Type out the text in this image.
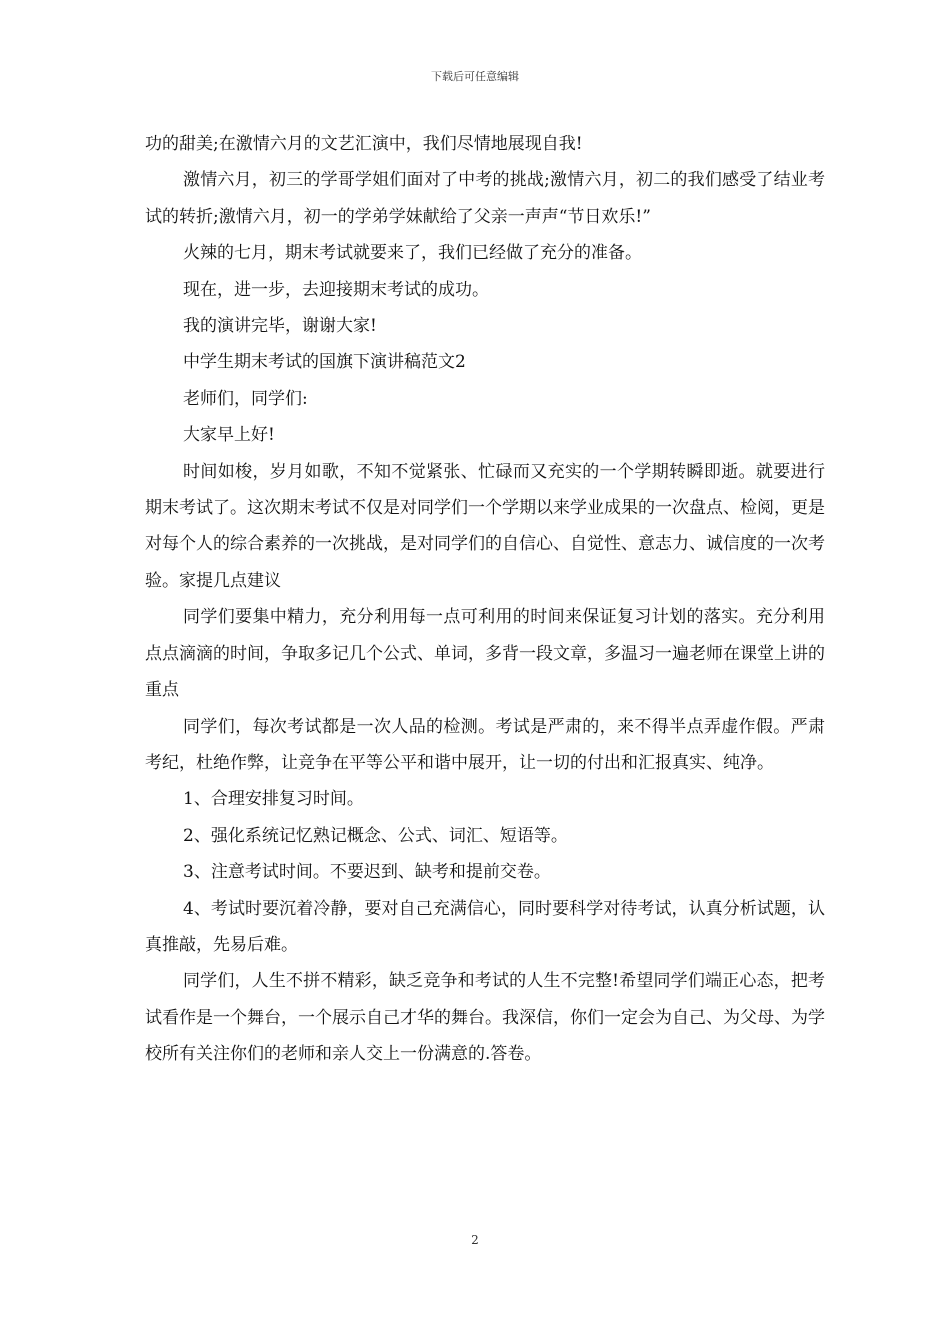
下载后可任意编辑

功的甜美;在激情六月的文艺汇演中，我们尽情地展现自我!

激情六月，初三的学哥学姐们面对了中考的挑战;激情六月，初二的我们感受了结业考试的转折;激情六月，初一的学弟学妹献给了父亲一声声“节日欢乐!”

火辣的七月，期末考试就要来了，我们已经做了充分的准备。

现在，进一步，去迎接期末考试的成功。

我的演讲完毕，谢谢大家!

中学生期末考试的国旗下演讲稿范文2

老师们，同学们:

大家早上好!

时间如梭，岁月如歌，不知不觉紧张、忙碌而又充实的一个学期转瞬即逝。就要进行期末考试了。这次期末考试不仅是对同学们一个学期以来学业成果的一次盘点、检阅，更是对每个人的综合素养的一次挑战，是对同学们的自信心、自觉性、意志力、诚信度的一次考验。家提几点建议

同学们要集中精力，充分利用每一点可利用的时间来保证复习计划的落实。充分利用点点滴滴的时间，争取多记几个公式、单词，多背一段文章，多温习一遍老师在课堂上讲的重点

同学们，每次考试都是一次人品的检测。考试是严肃的，来不得半点弄虚作假。严肃考纪，杜绝作弊，让竞争在平等公平和谐中展开，让一切的付出和汇报真实、纯净。

1、合理安排复习时间。

2、强化系统记忆熟记概念、公式、词汇、短语等。

3、注意考试时间。不要迟到、缺考和提前交卷。

4、考试时要沉着冷静，要对自己充满信心，同时要科学对待考试，认真分析试题，认真推敲，先易后难。

同学们，人生不拼不精彩，缺乏竞争和考试的人生不完整!希望同学们端正心态，把考试看作是一个舞台，一个展示自己才华的舞台。我深信，你们一定会为自己、为父母、为学校所有关注你们的老师和亲人交上一份满意的.答卷。

2
